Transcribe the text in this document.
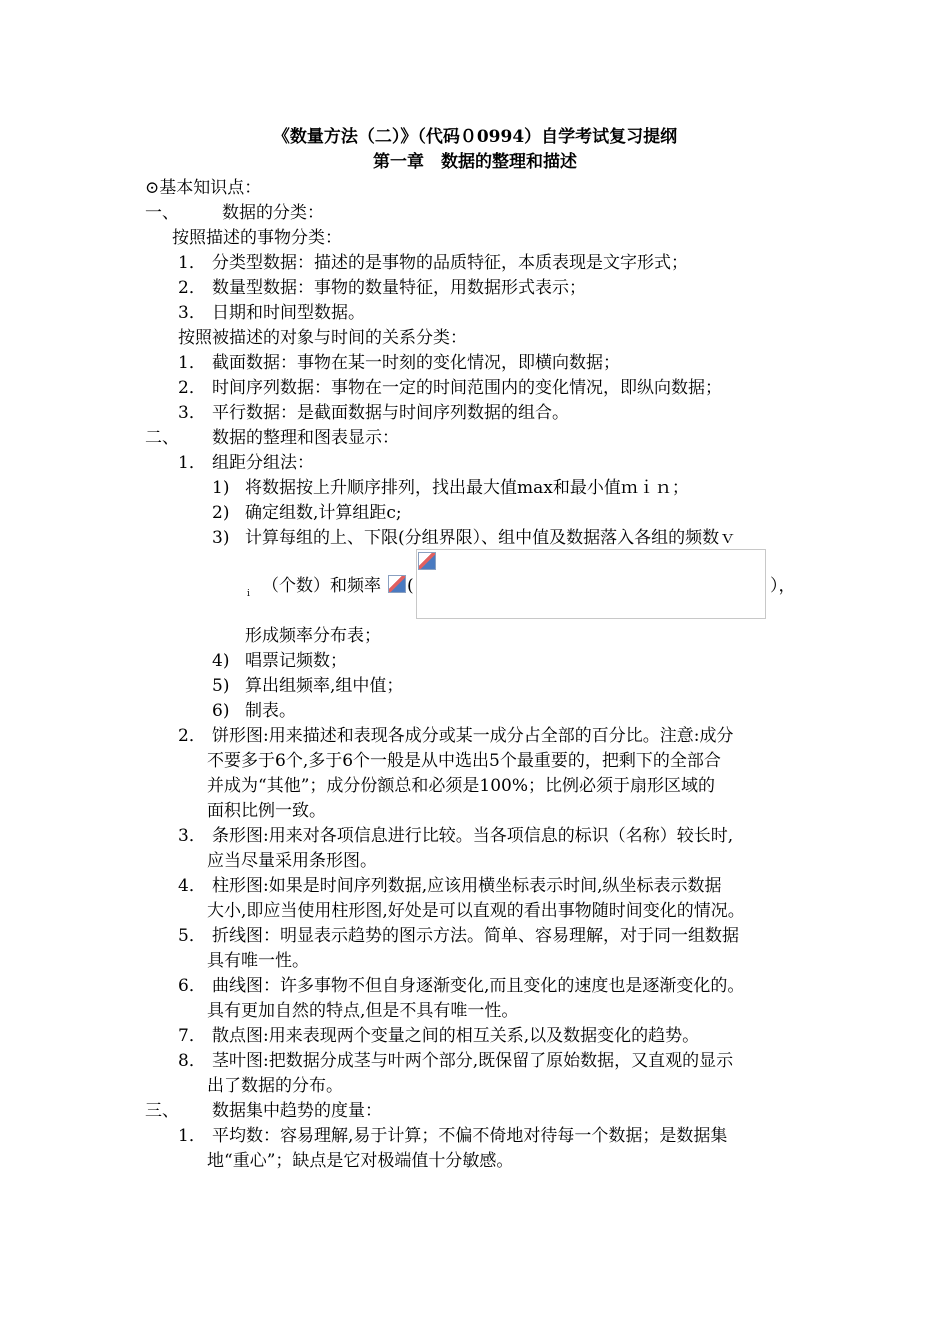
《数量方法（二）》（代码０0994）自学考试复习提纲
第一章　数据的整理和描述
⊙基本知识点：
一、	数据的分类：
按照描述的事物分类：
1． 分类型数据：描述的是事物的品质特征，本质表现是文字形式；
2． 数量型数据：事物的数量特征，用数据形式表示；
3． 日期和时间型数据。
按照被描述的对象与时间的关系分类：
1． 截面数据：事物在某一时刻的变化情况，即横向数据；
2． 时间序列数据：事物在一定的时间范围内的变化情况，即纵向数据；
3． 平行数据：是截面数据与时间序列数据的组合。
二、 数据的整理和图表显示：
1． 组距分组法：
1) 将数据按上升顺序排列，找出最大值max和最小值ｍｉｎ；
2) 确定组数,计算组距c;
3) 计算每组的上、下限(分组界限）、组中值及数据落入各组的频数ｖ
i （个数）和频率 (	），
形成频率分布表；
4) 唱票记频数；
5) 算出组频率,组中值；
6) 制表。
2． 饼形图:用来描述和表现各成分或某一成分占全部的百分比。注意:成分
不要多于6个,多于6个一般是从中选出5个最重要的，把剩下的全部合
并成为“其他”；成分份额总和必须是100%；比例必须于扇形区域的
面积比例一致。
3． 条形图:用来对各项信息进行比较。当各项信息的标识（名称）较长时,
应当尽量采用条形图。
4． 柱形图:如果是时间序列数据,应该用横坐标表示时间,纵坐标表示数据
大小,即应当使用柱形图,好处是可以直观的看出事物随时间变化的情况。
5． 折线图：明显表示趋势的图示方法。简单、容易理解，对于同一组数据
具有唯一性。
6． 曲线图：许多事物不但自身逐渐变化,而且变化的速度也是逐渐变化的。
具有更加自然的特点,但是不具有唯一性。
7． 散点图:用来表现两个变量之间的相互关系,以及数据变化的趋势。
8． 茎叶图:把数据分成茎与叶两个部分,既保留了原始数据，又直观的显示
出了数据的分布。
三、 数据集中趋势的度量：
1． 平均数：容易理解,易于计算；不偏不倚地对待每一个数据；是数据集
地“重心”；缺点是它对极端值十分敏感。
